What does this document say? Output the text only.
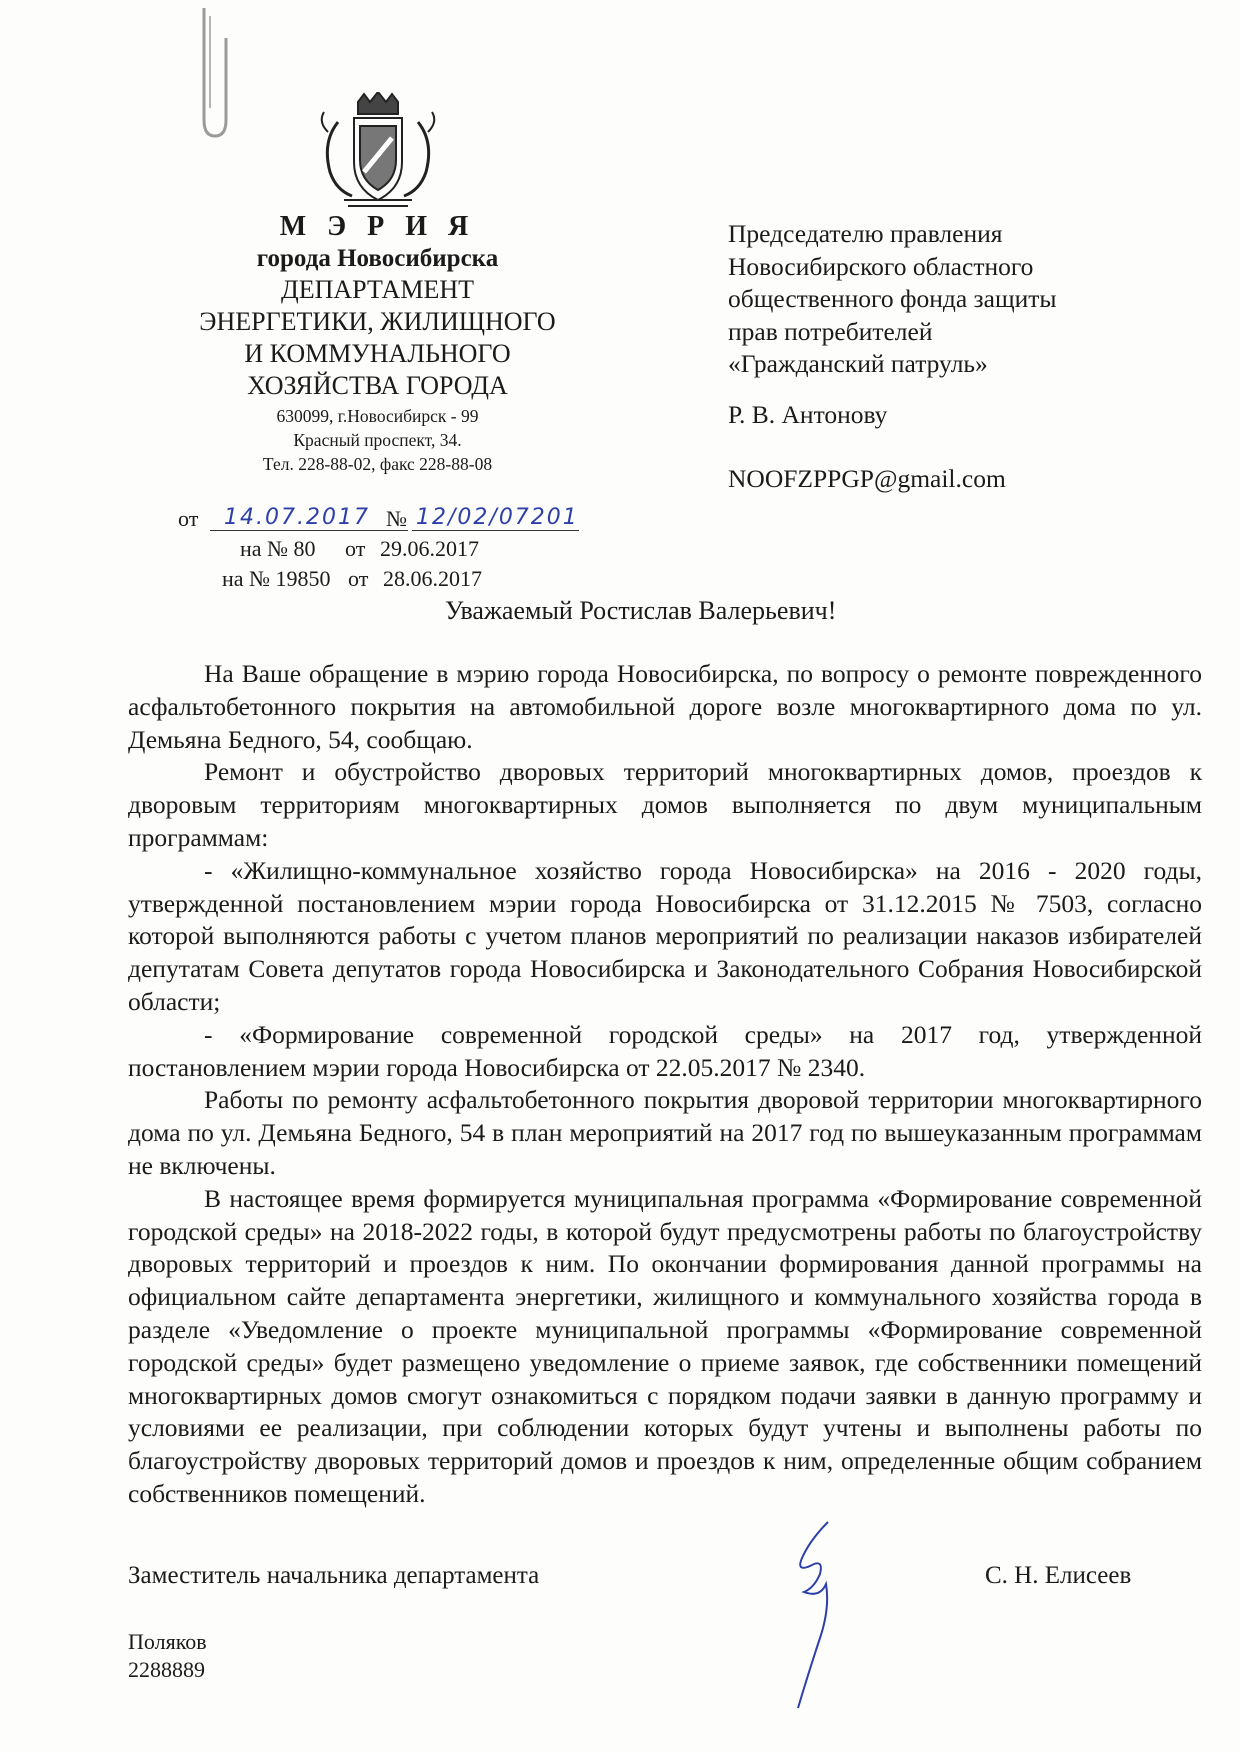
М Э Р И Я
города Новосибирска
ДЕПАРТАМЕНТ
ЭНЕРГЕТИКИ, ЖИЛИЩНОГО
И КОММУНАЛЬНОГО
ХОЗЯЙСТВА ГОРОДА
630099, г.Новосибирск - 99
Красный проспект, 34.
Тел. 228-88-02, факс 228-88-08
от	14.07.2017 № 12/02/07201
на № 80 от 29.06.2017
на № 19850 от 28.06.2017
Председателю правления
Новосибирского областного
общественного фонда защиты
прав потребителей
«Гражданский патруль»
Р. В. Антонову
NOOFZPPGP@gmail.com
Уважаемый Ростислав Валерьевич!

На Ваше обращение в мэрию города Новосибирска, по вопросу о ремонте поврежденного асфальтобетонного покрытия на автомобильной дороге возле многоквартирного дома по ул. Демьяна Бедного, 54, сообщаю.

Ремонт и обустройство дворовых территорий многоквартирных домов, проездов к дворовым территориям многоквартирных домов выполняется по двум муниципальным программам:

- «Жилищно-коммунальное хозяйство города Новосибирска» на 2016 - 2020 годы, утвержденной постановлением мэрии города Новосибирска от 31.12.2015 № 7503, согласно которой выполняются работы с учетом планов мероприятий по реализации наказов избирателей депутатам Совета депутатов города Новосибирска и Законодательного Собрания Новосибирской области;

- «Формирование современной городской среды» на 2017 год, утвержденной постановлением мэрии города Новосибирска от 22.05.2017 № 2340.

Работы по ремонту асфальтобетонного покрытия дворовой территории многоквартирного дома по ул. Демьяна Бедного, 54 в план мероприятий на 2017 год по вышеуказанным программам не включены.

В настоящее время формируется муниципальная программа «Формирование современной городской среды» на 2018-2022 годы, в которой будут предусмотрены работы по благоустройству дворовых территорий и проездов к ним. По окончании формирования данной программы на официальном сайте департамента энергетики, жилищного и коммунального хозяйства города в разделе «Уведомление о проекте муниципальной программы «Формирование современной городской среды» будет размещено уведомление о приеме заявок, где собственники помещений многоквартирных домов смогут ознакомиться с порядком подачи заявки в данную программу и условиями ее реализации, при соблюдении которых будут учтены и выполнены работы по благоустройству дворовых территорий домов и проездов к ним, определенные общим собранием собственников помещений.

Заместитель начальника департамента	С. Н. Елисеев
Поляков
2288889
